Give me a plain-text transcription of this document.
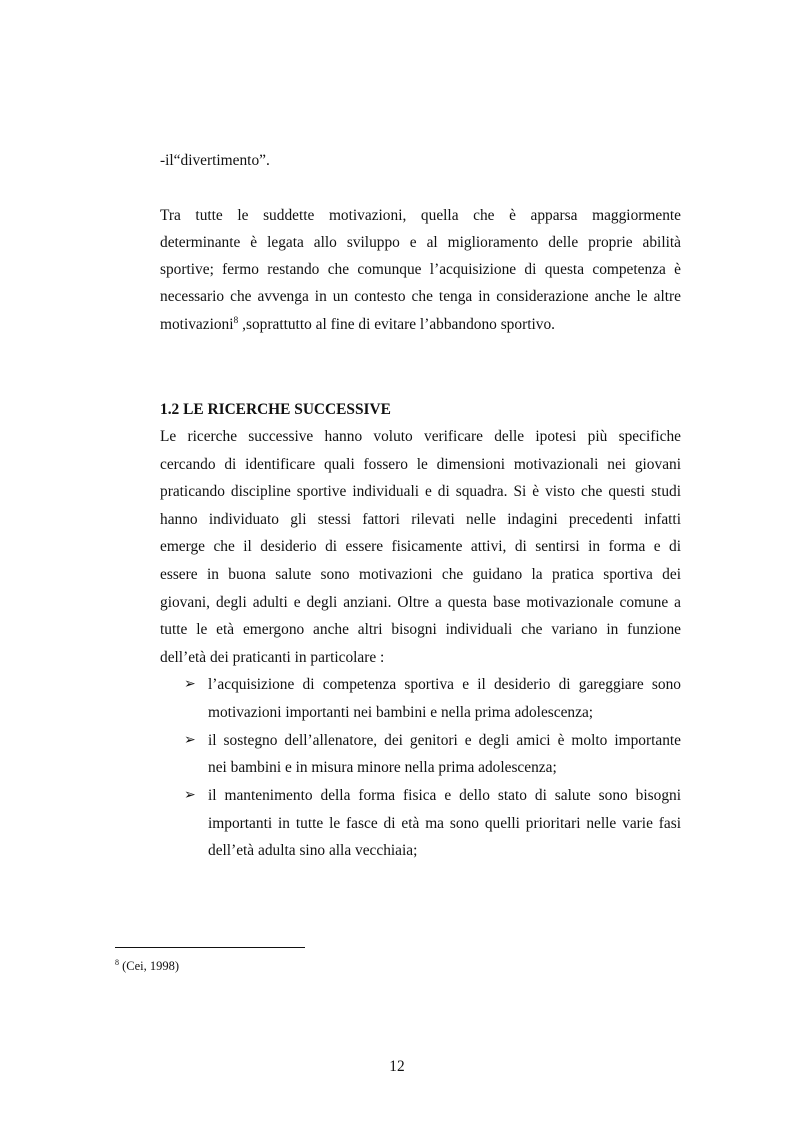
-il“divertimento”.
Tra tutte le suddette motivazioni, quella che è apparsa maggiormente
determinante è legata allo sviluppo e al miglioramento delle proprie abilità
sportive; fermo restando che comunque l’acquisizione di questa competenza è
necessario che avvenga in un contesto che tenga in considerazione anche le altre
motivazioni$^8$ ,soprattutto al fine di evitare l’abbandono sportivo.
1.2 LE RICERCHE SUCCESSIVE
Le ricerche successive hanno voluto verificare delle ipotesi più specifiche
cercando di identificare quali fossero le dimensioni motivazionali nei giovani
praticando discipline sportive individuali e di squadra. Si è visto che questi studi
hanno individuato gli stessi fattori rilevati nelle indagini precedenti infatti
emerge che il desiderio di essere fisicamente attivi, di sentirsi in forma e di
essere in buona salute sono motivazioni che guidano la pratica sportiva dei
giovani, degli adulti e degli anziani. Oltre a questa base motivazionale comune a
tutte le età emergono anche altri bisogni individuali che variano in funzione
dell’età dei praticanti in particolare :
➢ l’acquisizione di competenza sportiva e il desiderio di gareggiare sono
motivazioni importanti nei bambini e nella prima adolescenza;
➢ il sostegno dell’allenatore, dei genitori e degli amici è molto importante
nei bambini e in misura minore nella prima adolescenza;
➢ il mantenimento della forma fisica e dello stato di salute sono bisogni
importanti in tutte le fasce di età ma sono quelli prioritari nelle varie fasi
dell’età adulta sino alla vecchiaia;
$^8$ (Cei, 1998)
12
